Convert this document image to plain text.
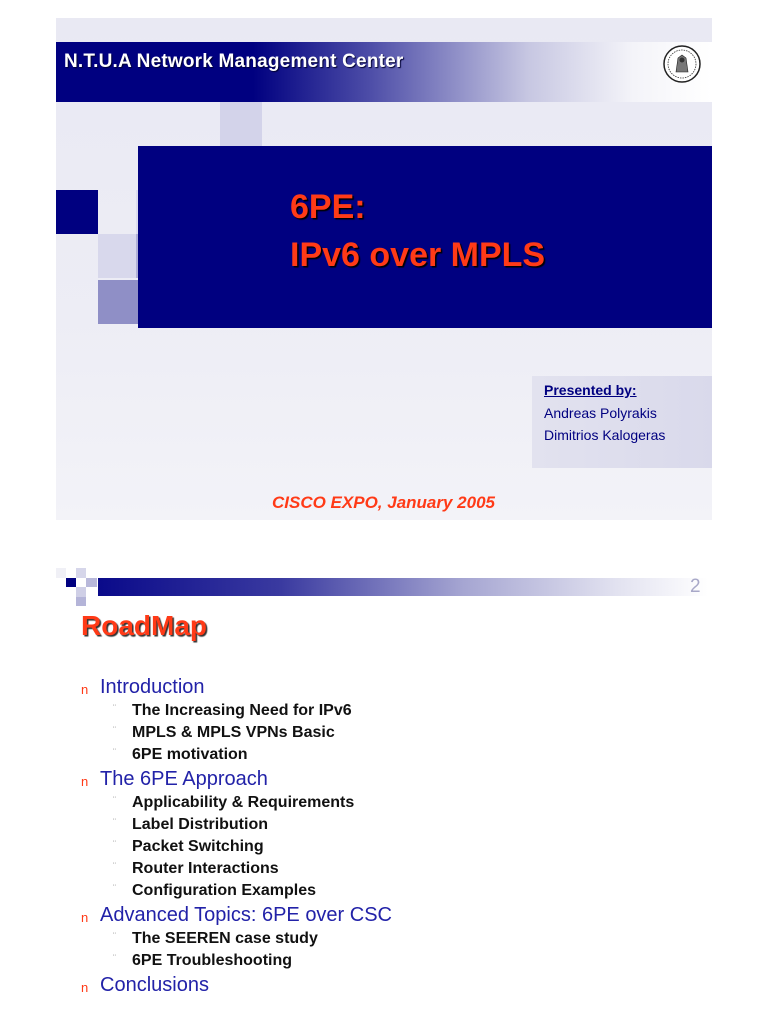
N.T.U.A Network Management Center
6PE:
IPv6 over MPLS
Presented by:
Andreas Polyrakis
Dimitrios Kalogeras
CISCO EXPO, January 2005
2
RoadMap
n Introduction
¨ The Increasing Need for IPv6
¨ MPLS & MPLS VPNs Basic
¨ 6PE motivation
n The 6PE Approach
¨ Applicability & Requirements
¨ Label Distribution
¨ Packet Switching
¨ Router Interactions
¨ Configuration Examples
n Advanced Topics: 6PE over CSC
¨ The SEEREN case study
¨ 6PE Troubleshooting
n Conclusions
